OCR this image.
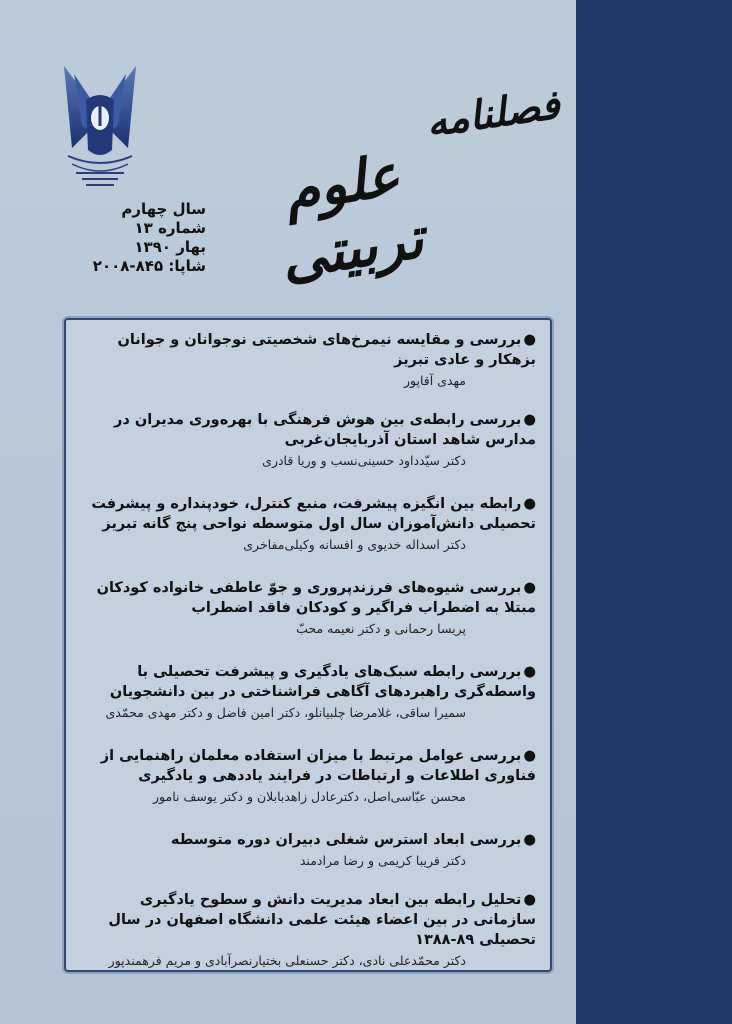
فصلنامه
علوم تربیتی
سال چهارم
شماره ۱۳
بهار ۱۳۹۰
شاپا: ۸۴۵-۲۰۰۸
●بررسی و مقایسه نیمرخ‌های شخصیتی نوجوانان و جوانان بزهکار و عادی تبریز
مهدی آقاپور
●بررسی رابطه‌ی بین هوش فرهنگی با بهره‌وری مدیران در مدارس شاهد استان آذربایجان‌غربی
دکتر سیّدداود حسینی‌نسب و وریا قادری
●رابطه بین انگیزه پیشرفت، منبع کنترل، خودپنداره و پیشرفت تحصیلی دانش‌آموزان سال اول متوسطه نواحی پنج گانه تبریز
دکتر اسداله خدیوی و افسانه وکیلی‌مفاخری
●بررسی شیوه‌های فرزندپروری و جوّ عاطفی خانواده کودکان مبتلا به اضطراب فراگیر و کودکان فاقد اضطراب
پریسا رحمانی و دکتر نعیمه محبّ
●بررسی رابطه سبک‌های یادگیری و پیشرفت تحصیلی با واسطه‌گری راهبردهای آگاهی فراشناختی در بین دانشجویان
سمیرا ساقی، غلامرضا چلبیانلو، دکتر امین فاضل و دکتر مهدی محمّدی
●بررسی عوامل مرتبط با میزان استفاده معلمان راهنمایی از فناوری اطلاعات و ارتباطات در فرایند یاددهی و یادگیری
محسن عبّاسی‌اصل، دکترعادل زاهدبابلان و دکتر یوسف نامور
●بررسی ابعاد استرس شغلی دبیران دوره متوسطه
دکتر فریبا کریمی و رضا مرادمند
●تحلیل رابطه بین ابعاد مدیریت دانش و سطوح یادگیری سازمانی در بین اعضاء هیئت علمی دانشگاه اصفهان در سال تحصیلی ۸۹-۱۳۸۸
دکتر محمّدعلی نادی، دکتر حسنعلی بختیارنصرآبادی و مریم فرهمندپور
